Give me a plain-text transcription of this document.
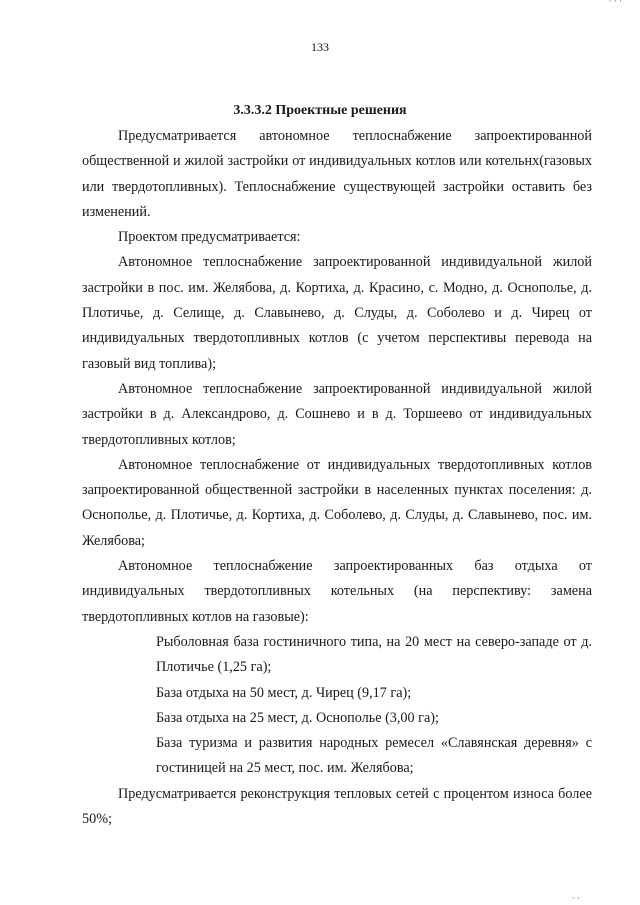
· · ·
133
3.3.3.2 Проектные решения

Предусматривается автономное теплоснабжение запроектированной общественной и жилой застройки от индивидуальных котлов или котельнх(газовых или твердотопливных). Теплоснабжение существующей застройки оставить без изменений.

Проектом предусматривается:

Автономное теплоснабжение запроектированной индивидуальной жилой застройки в пос. им. Желябова, д. Кортиха, д. Красино, с. Модно, д. Оснополье, д. Плотичье, д. Селище, д. Славынево, д. Слуды, д. Соболево и д. Чирец от индивидуальных твердотопливных котлов (с учетом перспективы перевода на газовый вид топлива);

Автономное теплоснабжение запроектированной индивидуальной жилой застройки в д. Александрово, д. Сошнево и в д. Торшеево от индивидуальных твердотопливных котлов;

Автономное теплоснабжение от индивидуальных твердотопливных котлов запроектированной общественной застройки в населенных пунктах поселения: д. Оснополье, д. Плотичье, д. Кортиха, д. Соболево, д. Слуды, д. Славынево, пос. им. Желябова;

Автономное теплоснабжение запроектированных баз отдыха от индивидуальных твердотопливных котельных (на перспективу: замена твердотопливных котлов на газовые):

Рыболовная база гостиничного типа, на 20 мест на северо-западе от д. Плотичье (1,25 га);

База отдыха на 50 мест, д. Чирец (9,17 га);

База отдыха на 25 мест, д. Оснополье (3,00 га);

База туризма и развития народных ремесел «Славянская деревня» с гостиницей на 25 мест, пос. им. Желябова;

Предусматривается реконструкция тепловых сетей с процентом износа более 50%;

· ·
